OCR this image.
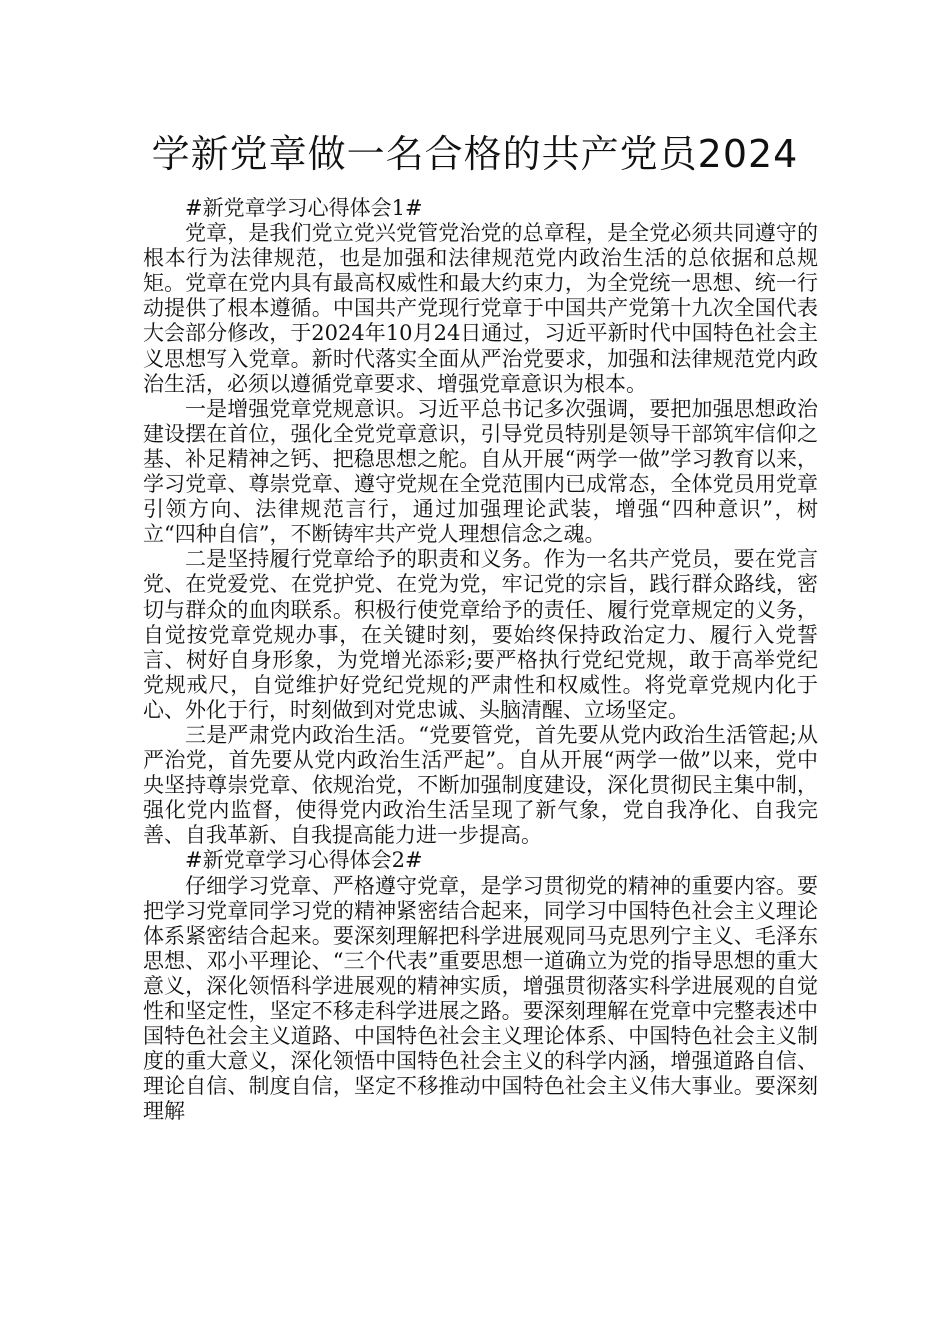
学新党章做一名合格的共产党员2024

#新党章学习心得体会1#

党章，是我们党立党兴党管党治党的总章程，是全党必须共同遵守的根本行为法律规范，也是加强和法律规范党内政治生活的总依据和总规矩。党章在党内具有最高权威性和最大约束力，为全党统一思想、统一行动提供了根本遵循。中国共产党现行党章于中国共产党第十九次全国代表大会部分修改，于2024年10月24日通过，习近平新时代中国特色社会主义思想写入党章。新时代落实全面从严治党要求，加强和法律规范党内政治生活，必须以遵循党章要求、增强党章意识为根本。

一是增强党章党规意识。习近平总书记多次强调，要把加强思想政治建设摆在首位，强化全党党章意识，引导党员特别是领导干部筑牢信仰之基、补足精神之钙、把稳思想之舵。自从开展“两学一做”学习教育以来，学习党章、尊崇党章、遵守党规在全党范围内已成常态，全体党员用党章引领方向、法律规范言行，通过加强理论武装，增强“四种意识”，树立“四种自信”，不断铸牢共产党人理想信念之魂。

二是坚持履行党章给予的职责和义务。作为一名共产党员，要在党言党、在党爱党、在党护党、在党为党，牢记党的宗旨，践行群众路线，密切与群众的血肉联系。积极行使党章给予的责任、履行党章规定的义务，自觉按党章党规办事，在关键时刻，要始终保持政治定力、履行入党誓言、树好自身形象，为党增光添彩;要严格执行党纪党规，敢于高举党纪党规戒尺，自觉维护好党纪党规的严肃性和权威性。将党章党规内化于心、外化于行，时刻做到对党忠诚、头脑清醒、立场坚定。

三是严肃党内政治生活。“党要管党，首先要从党内政治生活管起;从严治党，首先要从党内政治生活严起”。自从开展“两学一做”以来，党中央坚持尊崇党章、依规治党，不断加强制度建设，深化贯彻民主集中制，强化党内监督，使得党内政治生活呈现了新气象，党自我净化、自我完善、自我革新、自我提高能力进一步提高。

#新党章学习心得体会2#

仔细学习党章、严格遵守党章，是学习贯彻党的精神的重要内容。要把学习党章同学习党的精神紧密结合起来，同学习中国特色社会主义理论体系紧密结合起来。要深刻理解把科学进展观同马克思列宁主义、毛泽东思想、邓小平理论、“三个代表”重要思想一道确立为党的指导思想的重大意义，深化领悟科学进展观的精神实质，增强贯彻落实科学进展观的自觉性和坚定性，坚定不移走科学进展之路。要深刻理解在党章中完整表述中国特色社会主义道路、中国特色社会主义理论体系、中国特色社会主义制度的重大意义，深化领悟中国特色社会主义的科学内涵，增强道路自信、理论自信、制度自信，坚定不移推动中国特色社会主义伟大事业。要深刻理解
